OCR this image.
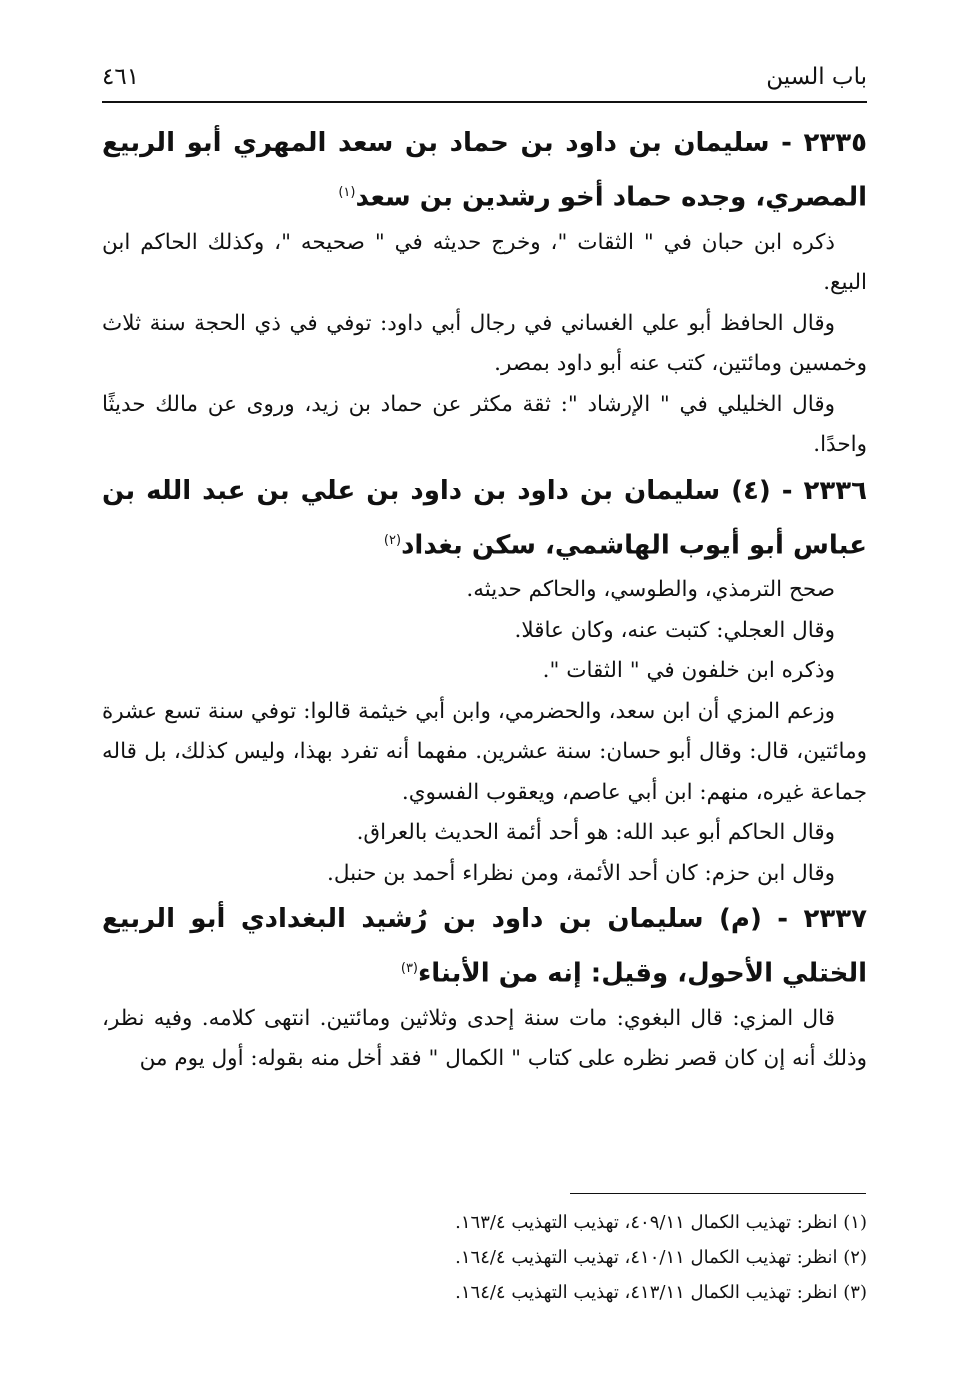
باب السين
٤٦١
٢٣٣٥ - سليمان بن داود بن حماد بن سعد المهري أبو الربيع المصري، وجده حماد أخو رشدين بن سعد$^{(١)}$

ذكره ابن حبان في " الثقات "، وخرج حديثه في " صحيحه "، وكذلك الحاكم ابن البيع.

وقال الحافظ أبو علي الغساني في رجال أبي داود: توفي في ذي الحجة سنة ثلاث وخمسين ومائتين، كتب عنه أبو داود بمصر.

وقال الخليلي في " الإرشاد ": ثقة مكثر عن حماد بن زيد، وروى عن مالك حديثًا واحدًا.

٢٣٣٦ - (٤) سليمان بن داود بن داود بن علي بن عبد الله بن عباس أبو أيوب الهاشمي، سكن بغداد$^{(٢)}$

صحح الترمذي، والطوسي، والحاكم حديثه.

وقال العجلي: كتبت عنه، وكان عاقلا.

وذكره ابن خلفون في " الثقات ".

وزعم المزي أن ابن سعد، والحضرمي، وابن أبي خيثمة قالوا: توفي سنة تسع عشرة ومائتين، قال: وقال أبو حسان: سنة عشرين. مفهما أنه تفرد بهذا، وليس كذلك، بل قاله جماعة غيره، منهم: ابن أبي عاصم، ويعقوب الفسوي.

وقال الحاكم أبو عبد الله: هو أحد أئمة الحديث بالعراق.

وقال ابن حزم: كان أحد الأئمة، ومن نظراء أحمد بن حنبل.

٢٣٣٧ - (م) سليمان بن داود بن رُشيد البغدادي أبو الربيع الختلي الأحول، وقيل: إنه من الأبناء$^{(٣)}$

قال المزي: قال البغوي: مات سنة إحدى وثلاثين ومائتين. انتهى كلامه. وفيه نظر، وذلك أنه إن كان قصر نظره على كتاب " الكمال " فقد أخل منه بقوله: أول يوم من

(١) انظر: تهذيب الكمال ٤٠٩/١١، تهذيب التهذيب ١٦٣/٤.
(٢) انظر: تهذيب الكمال ٤١٠/١١، تهذيب التهذيب ١٦٤/٤.
(٣) انظر: تهذيب الكمال ٤١٣/١١، تهذيب التهذيب ١٦٤/٤.
